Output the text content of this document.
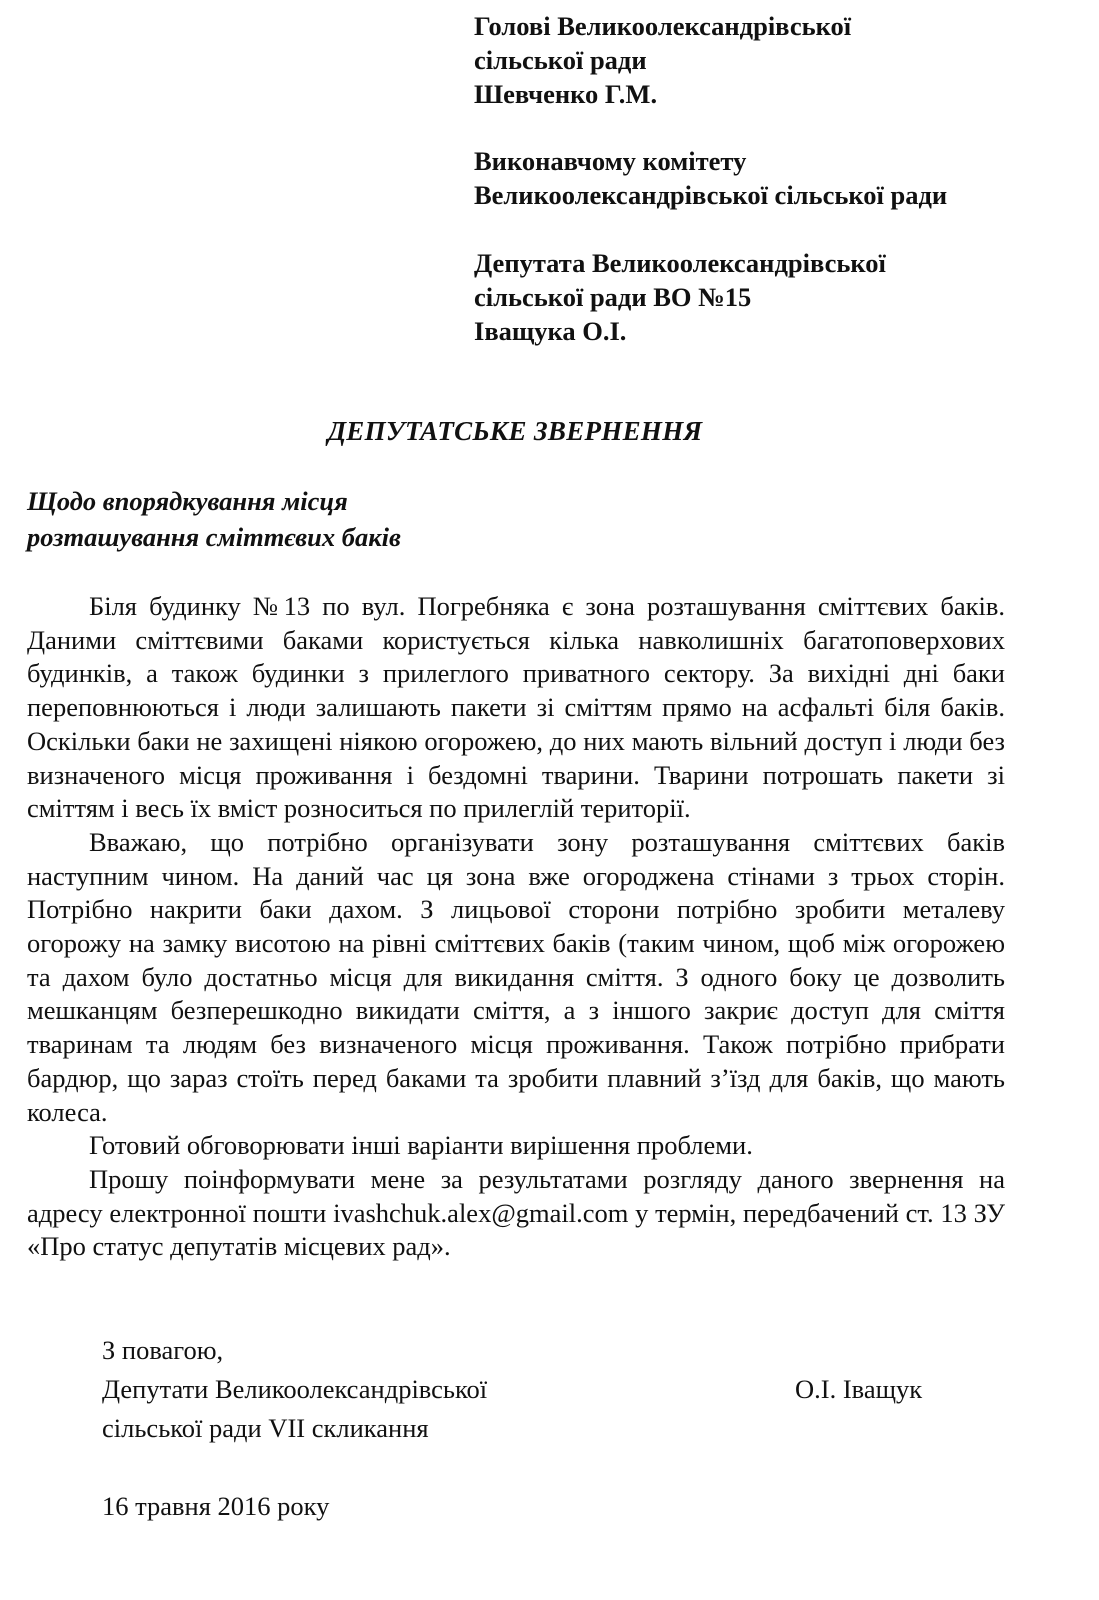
Голові Великоолександрівської
сільської ради
Шевченко Г.М.
Виконавчому комітету
Великоолександрівської сільської ради
Депутата Великоолександрівської
сільської ради ВО №15
Іващука О.І.
ДЕПУТАТСЬКЕ ЗВЕРНЕННЯ
Щодо впорядкування місця
розташування сміттєвих баків

Біля будинку №13 по вул. Погребняка є зона розташування сміттєвих баків. Даними сміттєвими баками користується кілька навколишніх багатоповерхових будинків, а також будинки з прилеглого приватного сектору. За вихідні дні баки переповнюються і люди залишають пакети зі сміттям прямо на асфальті біля баків. Оскільки баки не захищені ніякою огорожею, до них мають вільний доступ і люди без визначеного місця проживання і бездомні тварини. Тварини потрошать пакети зі сміттям і весь їх вміст розноситься по прилеглій території.

Вважаю, що потрібно організувати зону розташування сміттєвих баків наступним чином. На даний час ця зона вже огороджена стінами з трьох сторін. Потрібно накрити баки дахом. З лицьової сторони потрібно зробити металеву огорожу на замку висотою на рівні сміттєвих баків (таким чином, щоб між огорожею та дахом було достатньо місця для викидання сміття. З одного боку це дозволить мешканцям безперешкодно викидати сміття, а з іншого закриє доступ для сміття тваринам та людям без визначеного місця проживання. Також потрібно прибрати бардюр, що зараз стоїть перед баками та зробити плавний з’їзд для баків, що мають колеса.

Готовий обговорювати інші варіанти вирішення проблеми.

Прошу поінформувати мене за результатами розгляду даного звернення на адресу електронної пошти ivashchuk.alex@gmail.com у термін, передбачений ст. 13 ЗУ «Про статус депутатів місцевих рад».

З повагою,
Депутати Великоолександрівської
сільської ради VII скликання
О.І. Іващук
16 травня 2016 року
